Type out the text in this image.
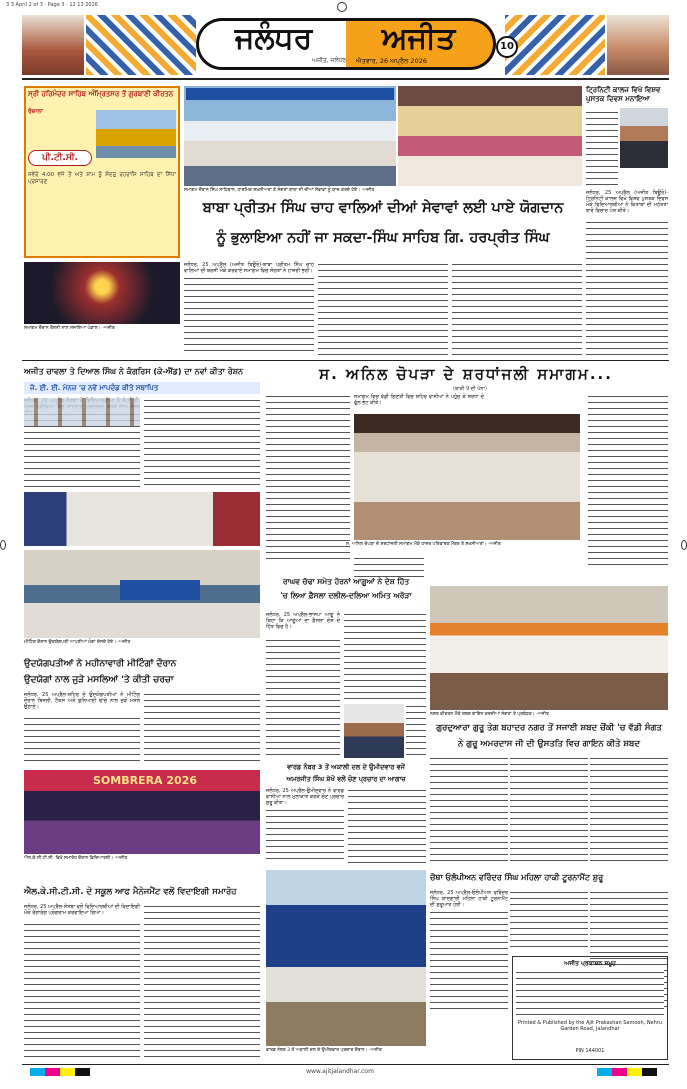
3 3 April 2 of 3 · Page 3 · 12 13 2026
ਜਲੰਧਰ	ਅਜੀਤ
ਅਜੀਤ, ਜਲੰਧਰ ਐਤਵਾਰ, 26 ਅਪ੍ਰੈਲ 2026
10
ਸ੍ਰੀ ਹਰਿਮੰਦਰ ਸਾਹਿਬ ਅੰਮ੍ਰਿਤਸਰ ਤੋਂ ਗੁਰਬਾਣੀ ਕੀਰਤਨ
ਰੋਜ਼ਾਨਾ
ਪੀ.ਟੀ.ਸੀ.
ਸਵੇਰੇ 4:00 ਵਜੇ ਤੋਂ ਅਤੇ ਸ਼ਾਮ ਨੂੰ ਸੋਦਰੁ ਰਹਰਾਸਿ ਸਾਹਿਬ ਦਾ ਸਿੱਧਾ ਪ੍ਰਸਾਰਣ
ਸਮਾਗਮ ਦੌਰਾਨ ਸਿੰਘ ਸਾਹਿਬਾਨ, ਧਾਰਮਿਕ ਸ਼ਖ਼ਸੀਅਤਾਂ ਤੇ ਸੰਗਤਾਂ ਬਾਬਾ ਜੀ ਦੀਆਂ ਸੇਵਾਵਾਂ ਨੂੰ ਯਾਦ ਕਰਦੇ ਹੋਏ। -ਅਜੀਤ
ਟ੍ਰਿਨਿਟੀ ਕਾਲਜ ਵਿਖੇ ਵਿਸ਼ਵ ਪੁਸਤਕ ਦਿਵਸ ਮਨਾਇਆ
ਜਲੰਧਰ, 25 ਅਪ੍ਰੈਲ (ਅਜੀਤ ਬਿਊਰੋ)-ਟ੍ਰਿਨਿਟੀ ਕਾਲਜ ਵਿਖੇ ਵਿਸ਼ਵ ਪੁਸਤਕ ਦਿਵਸ ਮੌਕੇ ਵਿਦਿਆਰਥੀਆਂ ਨੇ ਕਿਤਾਬਾਂ ਦੀ ਮਹੱਤਤਾ ਬਾਰੇ ਵਿਚਾਰ ਪੇਸ਼ ਕੀਤੇ।
ਬਾਬਾ ਪ੍ਰੀਤਮ ਸਿੰਘ ਚਾਹ ਵਾਲਿਆਂ ਦੀਆਂ ਸੇਵਾਵਾਂ ਲਈ ਪਾਏ ਯੋਗਦਾਨ
ਨੂੰ ਭੁਲਾਇਆ ਨਹੀਂ ਜਾ ਸਕਦਾ-ਸਿੰਘ ਸਾਹਿਬ ਗਿ. ਹਰਪ੍ਰੀਤ ਸਿੰਘ
ਸਮਾਗਮ ਦੌਰਾਨ ਰੌਸ਼ਨੀ ਨਾਲ ਸਜਾਇਆ ਪੰਡਾਲ। -ਅਜੀਤ
ਜਲੰਧਰ, 25 ਅਪ੍ਰੈਲ (ਅਜੀਤ ਬਿਊਰੋ)-ਬਾਬਾ ਪ੍ਰੀਤਮ ਸਿੰਘ ਚਾਹ ਵਾਲਿਆਂ ਦੀ ਬਰਸੀ ਮੌਕੇ ਕਰਵਾਏ ਸਮਾਗਮ ਵਿਚ ਸੰਗਤਾਂ ਨੇ ਹਾਜ਼ਰੀ ਭਰੀ।
ਅਜੀਤ ਚਾਵਲਾ ਤੇ ਦਿਆਲ ਸਿੰਘ ਨੇ ਕੰਗਰਿਸ (ਕੇ-ਐਂਡ) ਦਾ ਨਵਾਂ ਕੀਤਾ ਰੋਸ਼ਨ
ਜੇ. ਈ. ਈ. ਮੇਨਜ਼ 'ਚ ਨਵੇਂ ਮਾਪਦੰਡ ਕੀਤੇ ਸਥਾਪਿਤ
ਮੀਟਿੰਗ ਦੌਰਾਨ ਉਦਯੋਗਪਤੀ ਆਪਣੀਆਂ ਮੰਗਾਂ ਦੱਸਦੇ ਹੋਏ। -ਅਜੀਤ
ਉਦਯੋਗਪਤੀਆਂ ਨੇ ਮਹੀਨਾਵਾਰੀ ਮੀਟਿੰਗਾਂ ਦੌਰਾਨ
ਉਦਯੋਗਾਂ ਨਾਲ ਜੁੜੇ ਮਸਲਿਆਂ 'ਤੇ ਕੀਤੀ ਚਰਚਾ
ਜਲੰਧਰ, 25 ਅਪ੍ਰੈਲ-ਸ਼ਹਿਰ ਦੇ ਉਦਯੋਗਪਤੀਆਂ ਨੇ ਮੀਟਿੰਗ ਦੌਰਾਨ ਬਿਜਲੀ, ਟੈਕਸ ਅਤੇ ਬੁਨਿਆਦੀ ਢਾਂਚੇ ਨਾਲ ਜੁੜੇ ਮਸਲੇ ਉਠਾਏ।
ਸ. ਅਨਿਲ ਚੋਪੜਾ ਦੇ ਸ਼ਰਧਾਂਜਲੀ ਸਮਾਗਮ...
(ਬਾਕੀ 9 ਦੀ ਪੰਨਾ)
ਸਮਾਗਮ ਵਿਚ ਵੱਡੀ ਗਿਣਤੀ ਵਿਚ ਸ਼ਹਿਰ ਵਾਸੀਆਂ ਨੇ ਪਹੁੰਚ ਕੇ ਸ਼ਰਧਾ ਦੇ ਫੁੱਲ ਭੇਟ ਕੀਤੇ।
ਸ. ਅਨਿਲ ਚੋਪੜਾ ਦੇ ਸ਼ਰਧਾਂਜਲੀ ਸਮਾਗਮ ਮੌਕੇ ਹਾਜ਼ਰ ਪਰਿਵਾਰਕ ਮੈਂਬਰ ਤੇ ਸ਼ਖ਼ਸੀਅਤਾਂ। -ਅਜੀਤ
ਰਾਘਵ ਚੱਢਾ ਸਮੇਤ ਹੋਰਨਾਂ ਆਗੂਆਂ ਨੇ ਦੇਸ਼ ਹਿੱਤ
'ਚ ਲਿਆ ਫ਼ੈਸਲਾ ਦਲੀਲ-ਦਲਿਆ ਅਮਿਤ ਅਰੋੜਾ
ਜਲੰਧਰ, 25 ਅਪ੍ਰੈਲ-ਭਾਜਪਾ ਆਗੂ ਨੇ ਕਿਹਾ ਕਿ ਆਗੂਆਂ ਦਾ ਫ਼ੈਸਲਾ ਦੇਸ਼ ਦੇ ਹਿੱਤ ਵਿਚ ਹੈ।
ਨਗਰ ਕੀਰਤਨ ਮੌਕੇ ਸ਼ਬਦ ਗਾਇਨ ਕਰਦੀਆਂ ਸੰਗਤਾਂ ਤੇ ਪ੍ਰਬੰਧਕ। -ਅਜੀਤ
ਗੁਰਦੁਆਰਾ ਗੁਰੂ ਤੇਗ ਬਹਾਦਰ ਨਗਰ ਤੋਂ ਸਜਾਈ ਸ਼ਬਦ ਚੌਂਕੀ 'ਚ ਵੱਡੀ ਸੰਗਤ
ਨੇ ਗੁਰੂ ਅਮਰਦਾਸ ਜੀ ਦੀ ਉਸਤਤਿ ਵਿਚ ਗਾਇਨ ਕੀਤੇ ਸ਼ਬਦ
ਵਾਰਡ ਨੰਬਰ 3 ਤੋਂ ਅਕਾਲੀ ਦਲ ਦੇ ਉਮੀਦਵਾਰ ਵਜੋਂ
ਅਮਰਜੀਤ ਸਿੰਘ ਸ਼ੇਖੋਂ ਵਲੋਂ ਚੋਣ ਪ੍ਰਚਾਰ ਦਾ ਆਗਾਜ਼
ਜਲੰਧਰ, 25 ਅਪ੍ਰੈਲ-ਉਮੀਦਵਾਰ ਨੇ ਵਾਰਡ ਵਾਸੀਆਂ ਨਾਲ ਮੁਲਾਕਾਤ ਕਰਕੇ ਚੋਣ ਪ੍ਰਚਾਰ ਸ਼ੁਰੂ ਕੀਤਾ।
SOMBRERA 2026
ਐਲ.ਕੇ.ਸੀ.ਟੀ.ਸੀ. ਵਿਖੇ ਸਮਾਰੋਹ ਦੌਰਾਨ ਵਿਦਿਆਰਥੀ। -ਅਜੀਤ
ਐਲ.ਕੇ.ਸੀ.ਟੀ.ਸੀ. ਦੇ ਸਕੂਲ ਆਫ ਮੈਨੇਜਮੈਂਟ ਵਲੋਂ ਵਿਦਾਇਗੀ ਸਮਾਰੋਹ
ਜਲੰਧਰ, 25 ਅਪ੍ਰੈਲ-ਸੰਸਥਾ ਵਲੋਂ ਵਿਦਿਆਰਥੀਆਂ ਦੀ ਵਿਦਾਇਗੀ ਮੌਕੇ ਰੰਗਾਰੰਗ ਪ੍ਰੋਗਰਾਮ ਕਰਵਾਇਆ ਗਿਆ।
ਚੌਥਾ ਓਲੰਪੀਅਨ ਵਰਿੰਦਰ ਸਿੰਘ ਮਹਿਲਾ ਹਾਕੀ ਟੂਰਨਾਮੈਂਟ ਸ਼ੁਰੂ
ਜਲੰਧਰ, 25 ਅਪ੍ਰੈਲ-ਓਲੰਪੀਅਨ ਵਰਿੰਦਰ ਸਿੰਘ ਯਾਦਗਾਰੀ ਮਹਿਲਾ ਹਾਕੀ ਟੂਰਨਾਮੈਂਟ ਦੀ ਸ਼ੁਰੂਆਤ ਹੋਈ।
ਵਾਰਡ ਨੰਬਰ 3 ਤੋਂ ਅਕਾਲੀ ਦਲ ਦੇ ਉਮੀਦਵਾਰ ਪ੍ਰਚਾਰ ਦੌਰਾਨ। -ਅਜੀਤ
ਅਜੀਤ ਪ੍ਰਕਾਸ਼ਨ ਸਮੂਹ
Printed & Published by the Ajit Prakashan Samooh, Nehru Garden Road, Jalandhar
PIN 144001
www.ajitjalandhar.com
